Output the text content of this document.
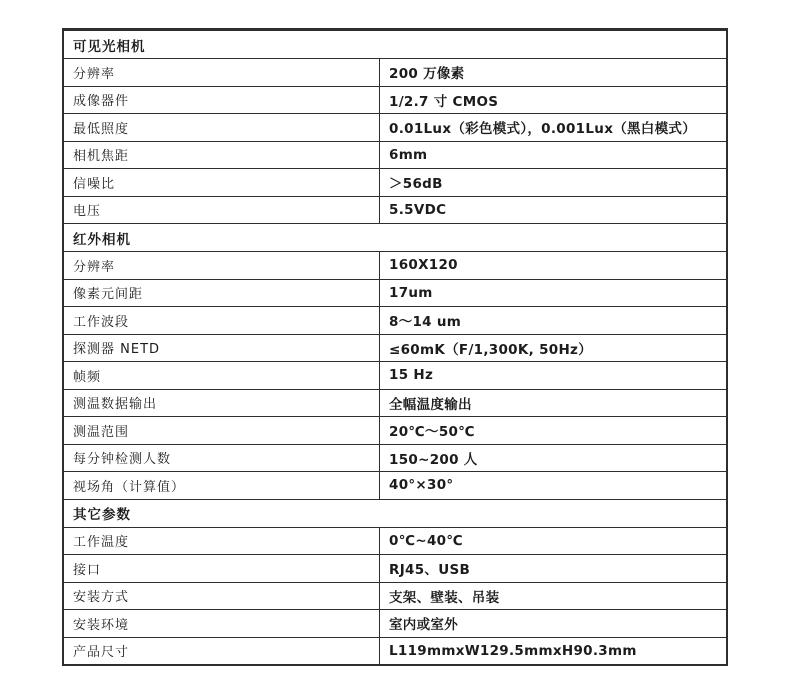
可见光相机
分辨率	200 万像素
成像器件	1/2.7 寸 CMOS
最低照度	0.01Lux（彩色模式），0.001Lux（黑白模式）
相机焦距	6mm
信噪比	＞56dB
电压	5.5VDC
红外相机
分辨率	160X120
像素元间距	17um
工作波段	8～14 um
探测器 NETD	≤60mK（F/1,300K, 50Hz）
帧频	15 Hz
测温数据输出	全幅温度输出
测温范围	20℃～50℃
每分钟检测人数	150~200 人
视场角（计算值）	40°×30°
其它参数
工作温度	0℃~40℃
接口	RJ45、USB
安装方式	支架、壁装、吊装
安装环境	室内或室外
产品尺寸	L119mmxW129.5mmxH90.3mm
